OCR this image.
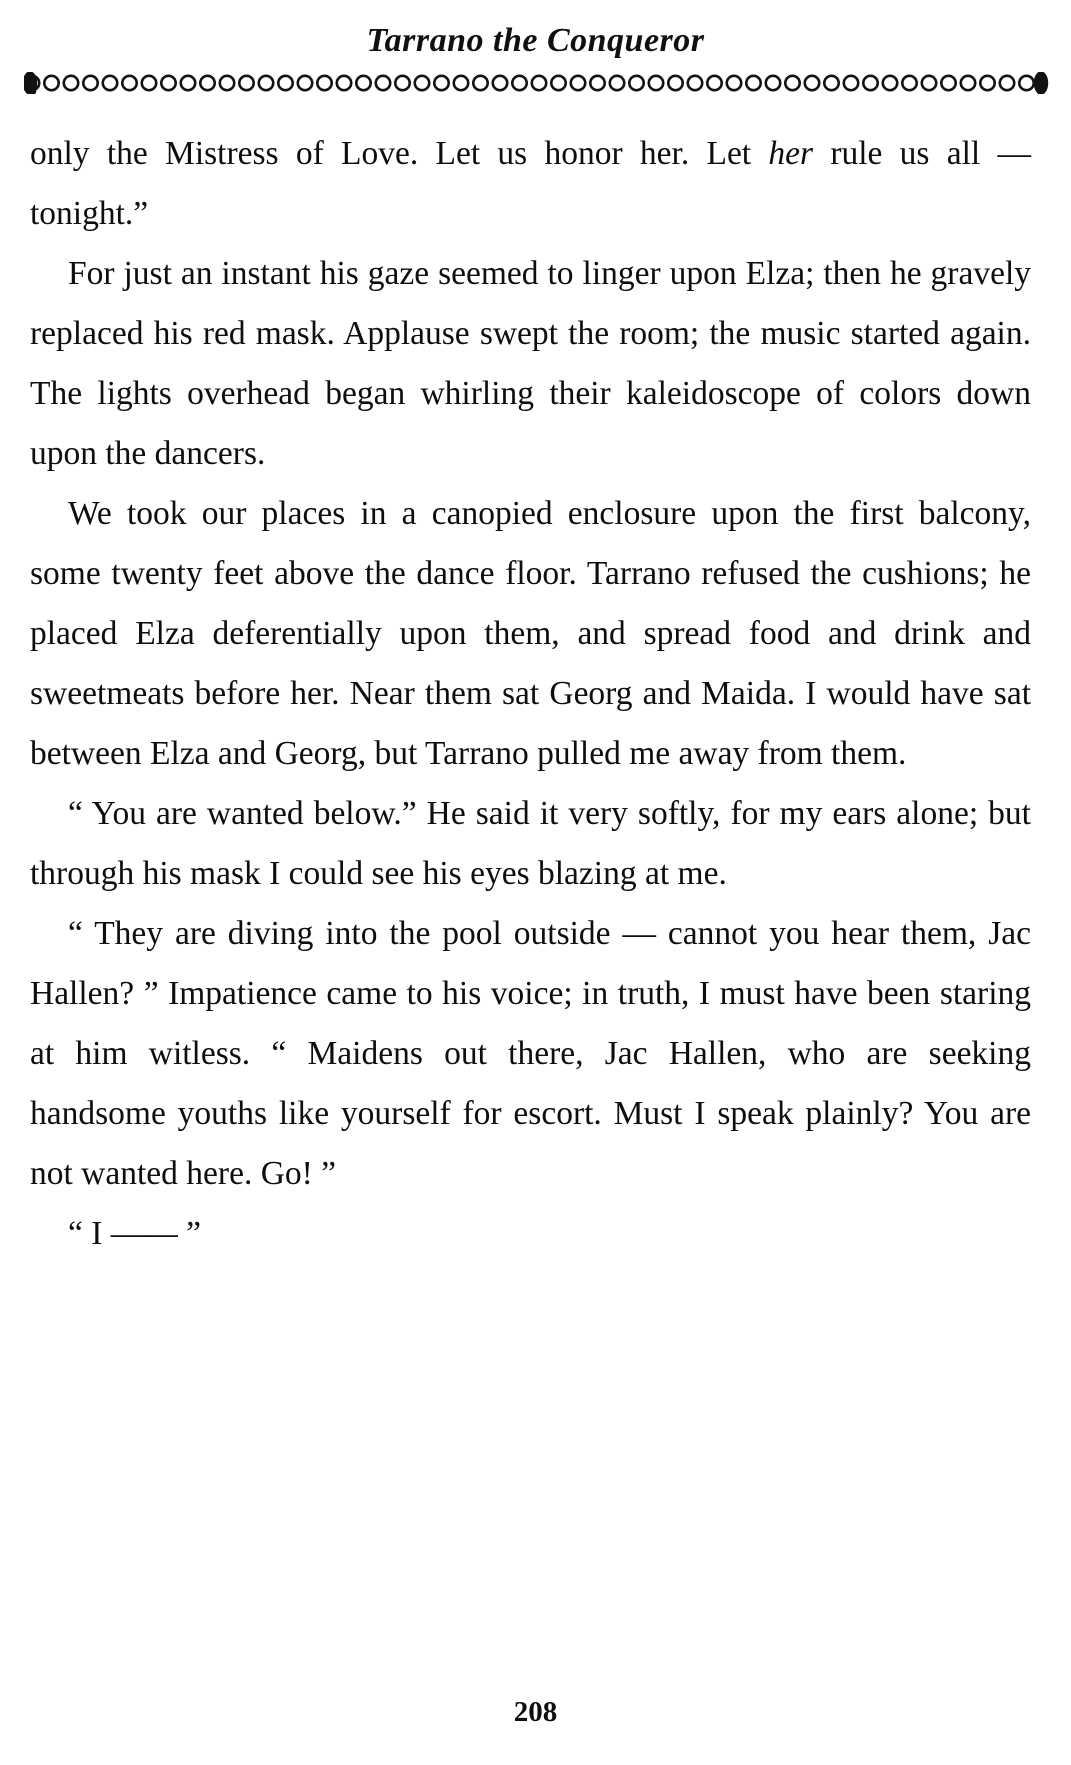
Tarrano the Conqueror

only the Mistress of Love. Let us honor her. Let her rule us all — tonight.”

For just an instant his gaze seemed to linger upon Elza; then he gravely replaced his red mask. Applause swept the room; the music started again. The lights overhead began whirling their kaleidoscope of colors down upon the dancers.

We took our places in a canopied enclosure upon the first balcony, some twenty feet above the dance floor. Tarrano refused the cushions; he placed Elza deferentially upon them, and spread food and drink and sweetmeats before her. Near them sat Georg and Maida. I would have sat between Elza and Georg, but Tarrano pulled me away from them.

“ You are wanted below.” He said it very softly, for my ears alone; but through his mask I could see his eyes blazing at me.

“ They are diving into the pool outside — cannot you hear them, Jac Hallen? ” Impatience came to his voice; in truth, I must have been staring at him witless. “ Maidens out there, Jac Hallen, who are seeking handsome youths like yourself for escort. Must I speak plainly? You are not wanted here. Go! ”

“ I —— ”

208
